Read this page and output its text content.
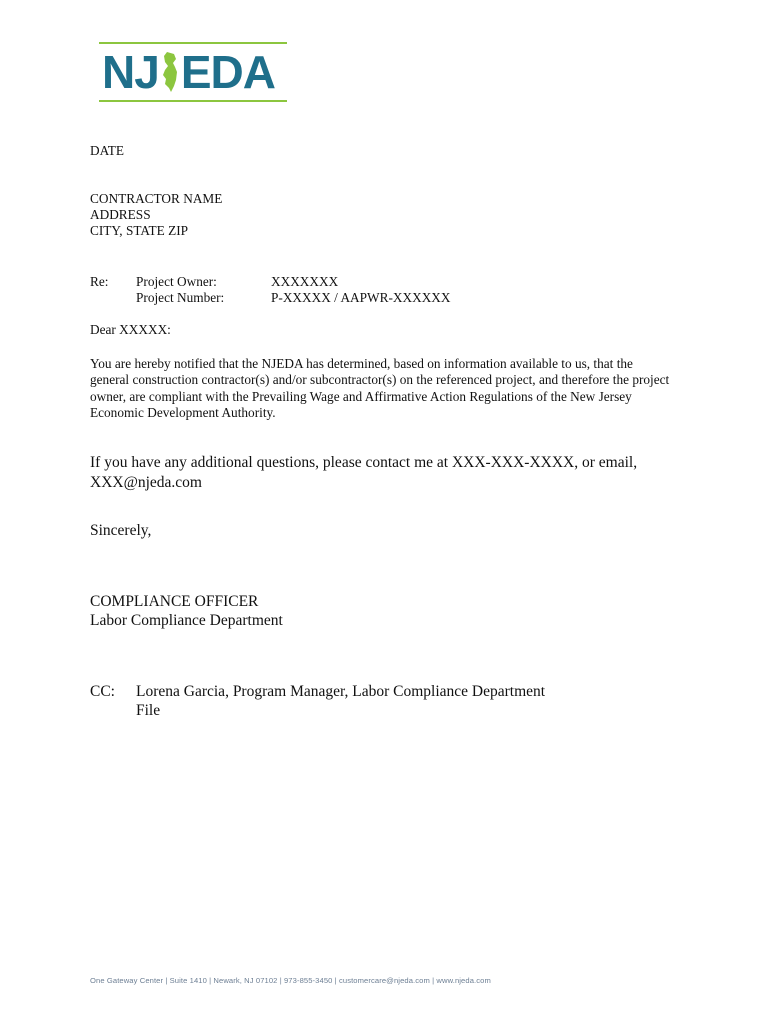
NJ EDA
DATE
CONTRACTOR NAME
ADDRESS
CITY, STATE ZIP
Re: Project Owner:
Project Number:
XXXXXXX
P-XXXXX / AAPWR-XXXXXX
Dear XXXXX:
You are hereby notified that the NJEDA has determined, based on information available to us, that the general construction contractor(s) and/or subcontractor(s) on the referenced project, and therefore the project owner, are compliant with the Prevailing Wage and Affirmative Action Regulations of the New Jersey Economic Development Authority.
If you have any additional questions, please contact me at XXX-XXX-XXXX, or email, XXX@njeda.com
Sincerely,
COMPLIANCE OFFICER
Labor Compliance Department
CC: Lorena Garcia, Program Manager, Labor Compliance Department
File
One Gateway Center | Suite 1410 | Newark, NJ 07102 | 973-855-3450 | customercare@njeda.com | www.njeda.com
